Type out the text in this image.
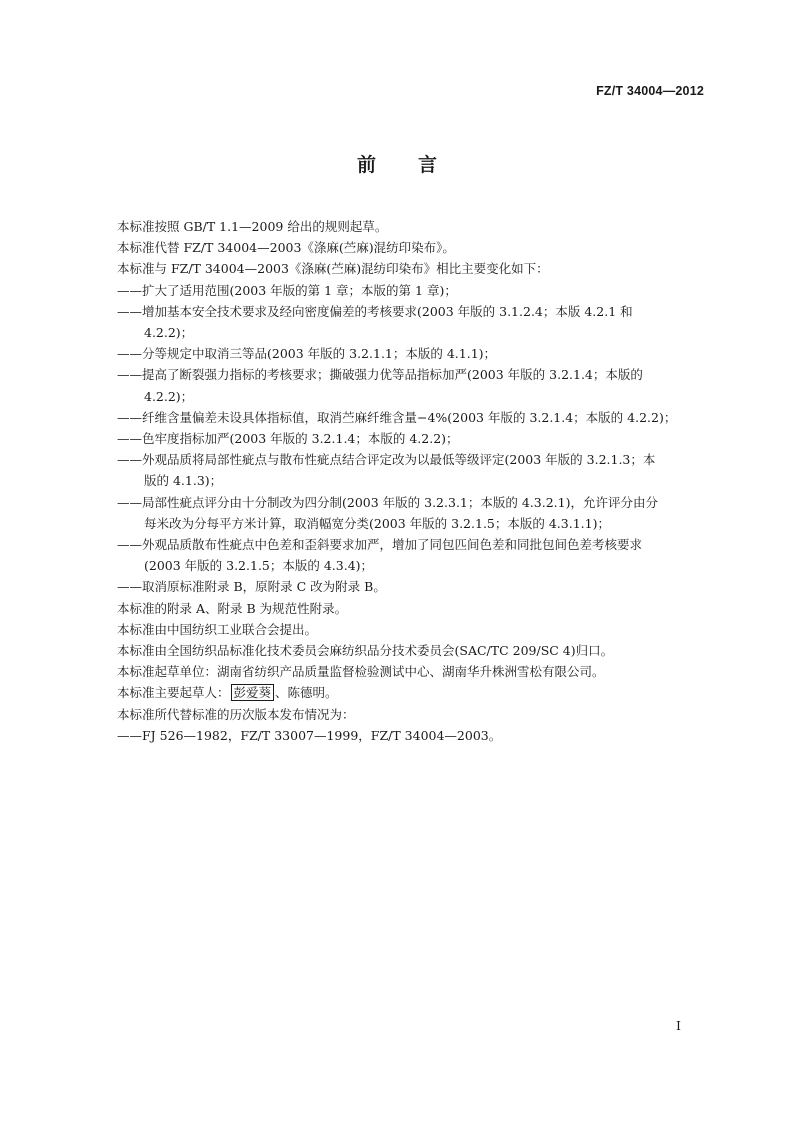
FZ/T 34004—2012
前 言

本标准按照 GB/T 1.1—2009 给出的规则起草。

本标准代替 FZ/T 34004—2003《涤麻(苎麻)混纺印染布》。

本标准与 FZ/T 34004—2003《涤麻(苎麻)混纺印染布》相比主要变化如下：

——扩大了适用范围(2003 年版的第 1 章；本版的第 1 章)；

——增加基本安全技术要求及经向密度偏差的考核要求(2003 年版的 3.1.2.4；本版 4.2.1 和
4.2.2)；

——分等规定中取消三等品(2003 年版的 3.2.1.1；本版的 4.1.1)；

——提高了断裂强力指标的考核要求；撕破强力优等品指标加严(2003 年版的 3.2.1.4；本版的
4.2.2)；

——纤维含量偏差未设具体指标值，取消苎麻纤维含量−4%(2003 年版的 3.2.1.4；本版的 4.2.2)；

——色牢度指标加严(2003 年版的 3.2.1.4；本版的 4.2.2)；

——外观品质将局部性疵点与散布性疵点结合评定改为以最低等级评定(2003 年版的 3.2.1.3；本
版的 4.1.3)；

——局部性疵点评分由十分制改为四分制(2003 年版的 3.2.3.1；本版的 4.3.2.1)，允许评分由分
每米改为分每平方米计算，取消幅宽分类(2003 年版的 3.2.1.5；本版的 4.3.1.1)；

——外观品质散布性疵点中色差和歪斜要求加严，增加了同包匹间色差和同批包间色差考核要求
(2003 年版的 3.2.1.5；本版的 4.3.4)；

——取消原标准附录 B，原附录 C 改为附录 B。

本标准的附录 A、附录 B 为规范性附录。

本标准由中国纺织工业联合会提出。

本标准由全国纺织品标准化技术委员会麻纺织品分技术委员会(SAC/TC 209/SC 4)归口。

本标准起草单位：湖南省纺织产品质量监督检验测试中心、湖南华升株洲雪松有限公司。

本标准主要起草人： 彭爱葵 、陈德明。

本标准所代替标准的历次版本发布情况为：

——FJ 526—1982，FZ/T 33007—1999，FZ/T 34004—2003。

I
